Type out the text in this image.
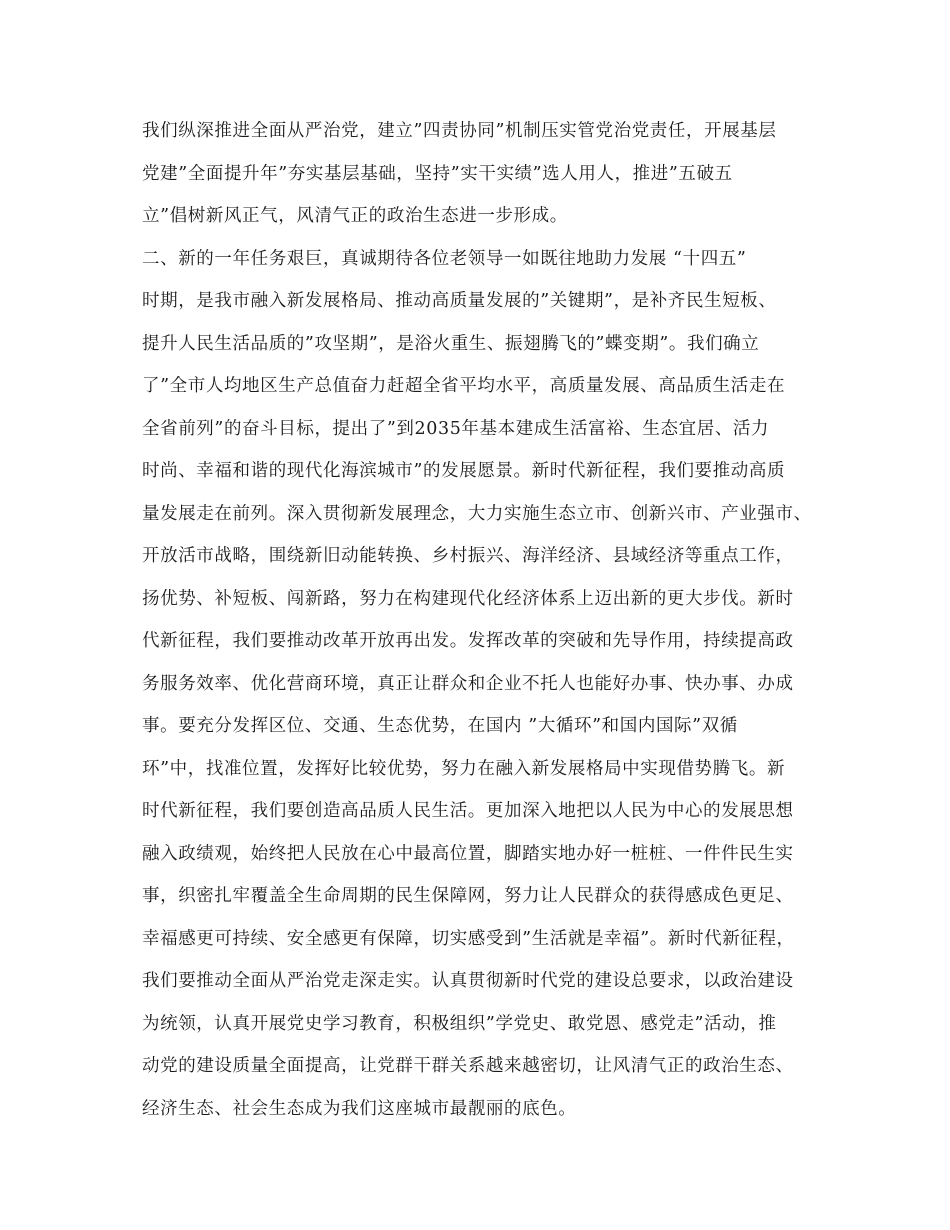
我们纵深推进全面从严治党，建立”四责协同”机制压实管党治党责任，开展基层
党建”全面提升年”夯实基层基础，坚持”实干实绩”选人用人，推进”五破五
立”倡树新风正气，风清气正的政治生态进一步形成。
二、新的一年任务艰巨，真诚期待各位老领导一如既往地助力发展 “十四五”
时期，是我市融入新发展格局、推动高质量发展的”关键期”，是补齐民生短板、
提升人民生活品质的”攻坚期”，是浴火重生、振翅腾飞的”蝶变期”。我们确立
了”全市人均地区生产总值奋力赶超全省平均水平，高质量发展、高品质生活走在
全省前列”的奋斗目标，提出了”到2035年基本建成生活富裕、生态宜居、活力
时尚、幸福和谐的现代化海滨城市”的发展愿景。新时代新征程，我们要推动高质
量发展走在前列。深入贯彻新发展理念，大力实施生态立市、创新兴市、产业强市、
开放活市战略，围绕新旧动能转换、乡村振兴、海洋经济、县域经济等重点工作，
扬优势、补短板、闯新路，努力在构建现代化经济体系上迈出新的更大步伐。新时
代新征程，我们要推动改革开放再出发。发挥改革的突破和先导作用，持续提高政
务服务效率、优化营商环境，真正让群众和企业不托人也能好办事、快办事、办成
事。要充分发挥区位、交通、生态优势，在国内 ”大循环”和国内国际”双循
环”中，找准位置，发挥好比较优势，努力在融入新发展格局中实现借势腾飞。新
时代新征程，我们要创造高品质人民生活。更加深入地把以人民为中心的发展思想
融入政绩观，始终把人民放在心中最高位置，脚踏实地办好一桩桩、一件件民生实
事，织密扎牢覆盖全生命周期的民生保障网，努力让人民群众的获得感成色更足、
幸福感更可持续、安全感更有保障，切实感受到”生活就是幸福”。新时代新征程，
我们要推动全面从严治党走深走实。认真贯彻新时代党的建设总要求，以政治建设
为统领，认真开展党史学习教育，积极组织”学党史、敢党恩、感党走”活动，推
动党的建设质量全面提高，让党群干群关系越来越密切，让风清气正的政治生态、
经济生态、社会生态成为我们这座城市最靓丽的底色。
